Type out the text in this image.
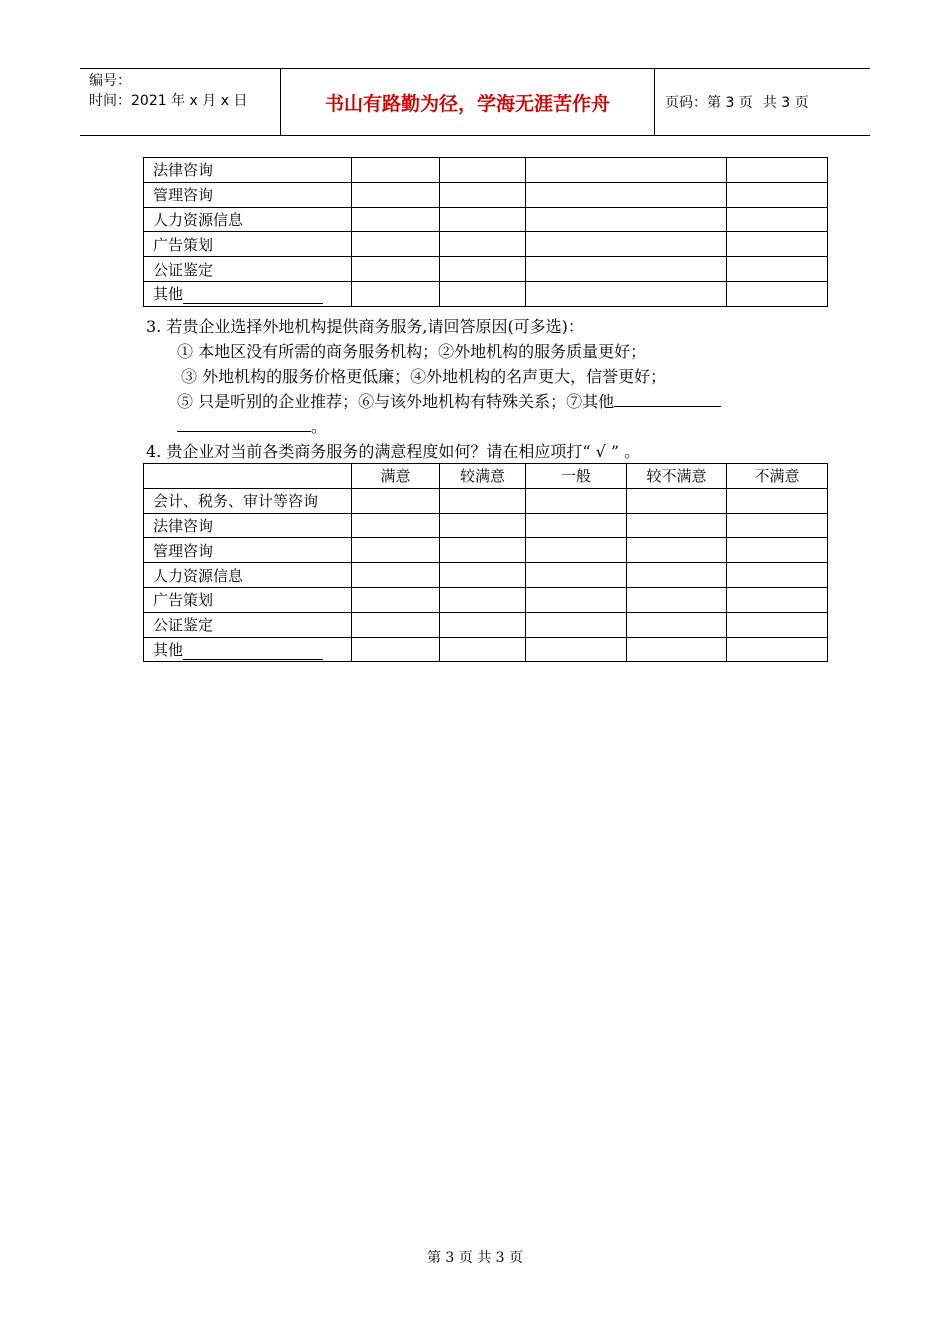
编号：
时间：2021 年 x 月 x 日	书山有路勤为径，学海无涯苦作舟	页码：第 3 页 共 3 页
法律咨询				
管理咨询				
人力资源信息				
广告策划				
公证鉴定				
其他				
3. 若贵企业选择外地机构提供商务服务,请回答原因(可多选)：
① 本地区没有所需的商务服务机构；②外地机构的服务质量更好；
③ 外地机构的服务价格更低廉；④外地机构的名声更大，信誉更好；
⑤ 只是听别的企业推荐；⑥与该外地机构有特殊关系；⑦其他
。
4. 贵企业对当前各类商务服务的满意程度如何？请在相应项打“ √ ” 。
	满意	较满意	一般	较不满意	不满意
会计、税务、审计等咨询					
法律咨询					
管理咨询					
人力资源信息					
广告策划					
公证鉴定					
其他					
第 3 页 共 3 页
